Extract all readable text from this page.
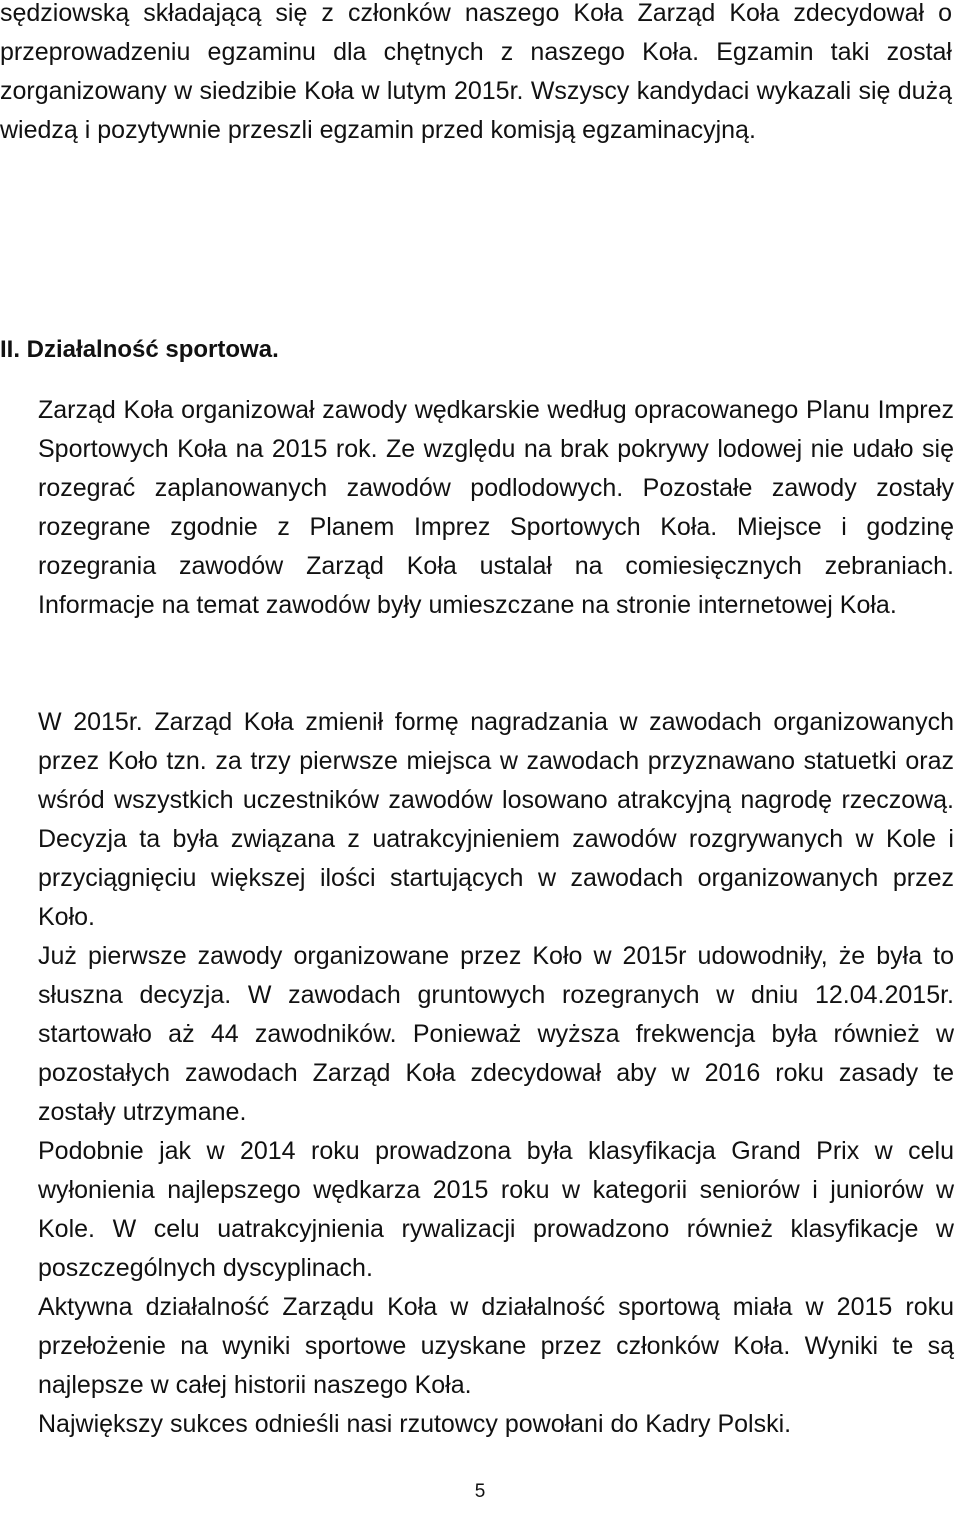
sędziowską składającą się z członków naszego Koła Zarząd Koła zdecydował o przeprowadzeniu egzaminu dla chętnych z naszego Koła. Egzamin taki został zorganizowany w siedzibie Koła w lutym 2015r. Wszyscy kandydaci wykazali się dużą wiedzą i pozytywnie przeszli egzamin przed komisją egzaminacyjną.

II. Działalność sportowa.

Zarząd Koła organizował zawody wędkarskie według opracowanego Planu Imprez Sportowych Koła na 2015 rok. Ze względu na brak pokrywy lodowej nie udało się rozegrać zaplanowanych zawodów podlodowych. Pozostałe zawody zostały rozegrane zgodnie z Planem Imprez Sportowych Koła. Miejsce i godzinę rozegrania zawodów Zarząd Koła ustalał na comiesięcznych zebraniach. Informacje na temat zawodów były umieszczane na stronie internetowej Koła.

W 2015r. Zarząd Koła zmienił formę nagradzania w zawodach organizowanych przez Koło tzn. za trzy pierwsze miejsca w zawodach przyznawano statuetki oraz wśród wszystkich uczestników zawodów losowano atrakcyjną nagrodę rzeczową. Decyzja ta była związana z uatrakcyjnieniem zawodów rozgrywanych w Kole i przyciągnięciu większej ilości startujących w zawodach organizowanych przez Koło.

Już pierwsze zawody organizowane przez Koło w 2015r udowodniły, że była to słuszna decyzja. W zawodach gruntowych rozegranych w dniu 12.04.2015r. startowało aż 44 zawodników. Ponieważ wyższa frekwencja była również w pozostałych zawodach Zarząd Koła zdecydował aby w 2016 roku zasady te zostały utrzymane.

Podobnie jak w 2014 roku prowadzona była klasyfikacja Grand Prix w celu wyłonienia najlepszego wędkarza 2015 roku w kategorii seniorów i juniorów w Kole. W celu uatrakcyjnienia rywalizacji prowadzono również klasyfikacje w poszczególnych dyscyplinach.

Aktywna działalność Zarządu Koła w działalność sportową miała w 2015 roku przełożenie na wyniki sportowe uzyskane przez członków Koła. Wyniki te są najlepsze w całej historii naszego Koła.

Największy sukces odnieśli nasi rzutowcy powołani do Kadry Polski.

5
